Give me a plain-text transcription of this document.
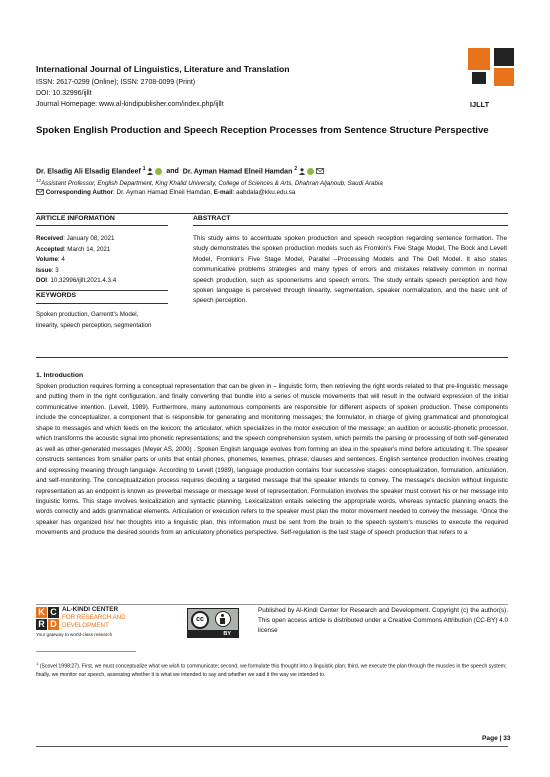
International Journal of Linguistics, Literature and Translation
ISSN: 2617-0299 (Online); ISSN: 2708-0099 (Print)
DOI: 10.32996/ijllt
Journal Homepage: www.al-kindipublisher.com/index.php/ijllt	IJLLT
Spoken English Production and Speech Reception Processes from Sentence Structure Perspective
Dr. Elsadig Ali Elsadig Elandeef $^1$	and Dr. Ayman Hamad Elneil Hamdan $^2$
$^{12}$Assistant Professor, English Department, King Khalid University, College of Sciences & Arts, Dhahran Aljanoub, Saudi Arabia
Corresponding Author: Dr. Ayman Hamad Elneil Hamdan, E-mail: aabdala@kku.edu.sa
ARTICLE INFORMATION	ABSTRACT
Received: January 08, 2021
Accepted: March 14, 2021
Volume: 4
Issue: 3
DOI: 10.32996/ijllt.2021.4.3.4
KEYWORDS
Spoken production, Garrentt's Model, linearity, speech perception, segmentation
This study aims to accentuate spoken production and speech reception regarding sentence formation. The study demonstrates the spoken production models such as Fromkin's Five Stage Model, The Bock and Levelt Model, Fromkin's Five Stage Model, Parallel –Processing Models and The Dell Model. It also states communicative problems strategies and many types of errors and mistakes relatively common in normal speech production, such as spoonerisms and speech errors. The study entails speech perception and how spoken language is perceived through linearity, segmentation, speaker normalization, and the basic unit of speech perception.
1. Introduction
Spoken production requires forming a conceptual representation that can be given in – linguistic form, then retrieving the right words related to that pre-linguistic message and putting them in the right configuration, and finally converting that bundle into a series of muscle movements that will result in the outward expression of the initial communicative intention. (Levelt, 1989). Furthermore, many autonomous components are responsible for different aspects of spoken production. These components include the conceptualizer, a component that is responsible for generating and monitoring messages; the formulator, in charge of giving grammatical and phonological shape to messages and which feeds on the lexicon; the articulator, which specializes in the motor execution of the message; an audition or acoustic-phonetic processor, which transforms the acoustic signal into phonetic representations; and the speech comprehension system, which permits the parsing or processing of both self-generated as well as other-generated messages (Meyer AS, 2000) . Spoken English language evolves from forming an idea in the speaker's mind before articulating it. The speaker constructs sentences from smaller parts or units that entail phones, phonemes, lexemes, phrase, clauses and sentences. English sentence production involves creating and expressing meaning through language. According to Levelt (1989), language production contains four successive stages: conceptualization, formulation, articulation, and self-monitoring. The conceptualization process requires deciding a targeted message that the speaker intends to convey. The message's decision without linguistic representation as an endpoint is known as preverbal message or message level of representation. Formulation involves the speaker must convert his or her message into linguistic forms. This stage involves lexicalization and syntactic planning. Lexicalization entails selecting the appropriate words, whereas syntactic planning enacts the words correctly and adds grammatical elements. Articulation or execution refers to the speaker must plan the motor movement needed to convey the message. ¹Once the speaker has organized his/ her thoughts into a linguistic plan, this information must be sent from the brain to the speech system's muscles to execute the required movements and produce the desired sounds from an articulatory phonetics perspective. Self-regulation is the last stage of speech production that refers to a
K C
R D
AL-KINDI CENTER
FOR RESEARCH AND
DEVELOPMENT
Your gateway to world-class research
cc
BY
Published by Al-Kindi Center for Research and Development. Copyright (c) the author(s). This open access article is distributed under a Creative Commons Attribution (CC-BY) 4.0 license
$^1$ (Scovel 1998:27). First, we must conceptualize what we wish to communicate; second, we formulate this thought into a linguistic plan; third, we execute the plan through the muscles in the speech system; finally, we monitor our speech, assessing whether it is what we intended to say and whether we said it the way we intended to.
Page | 33
